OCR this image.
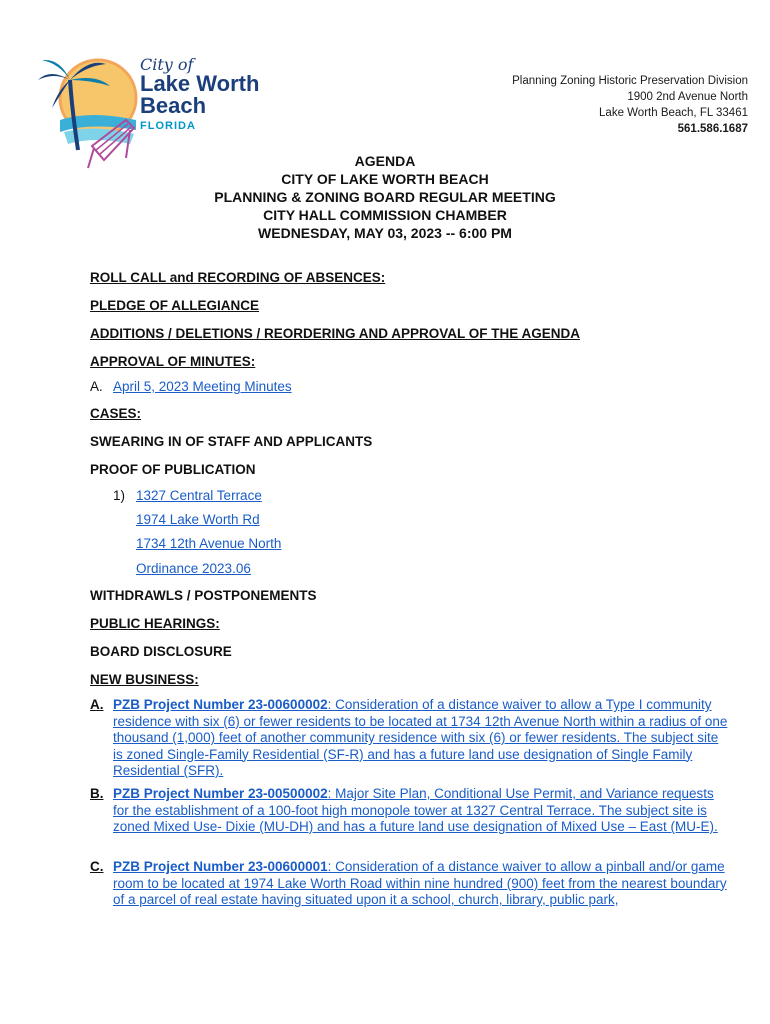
City of
Lake Worth
Beach
FLORIDA
Planning Zoning Historic Preservation Division
1900 2nd Avenue North
Lake Worth Beach, FL 33461
561.586.1687
AGENDA
CITY OF LAKE WORTH BEACH
PLANNING & ZONING BOARD REGULAR MEETING
CITY HALL COMMISSION CHAMBER
WEDNESDAY, MAY 03, 2023 -- 6:00 PM
ROLL CALL and RECORDING OF ABSENCES:
PLEDGE OF ALLEGIANCE
ADDITIONS / DELETIONS / REORDERING AND APPROVAL OF THE AGENDA
APPROVAL OF MINUTES:
A. April 5, 2023 Meeting Minutes
CASES:
SWEARING IN OF STAFF AND APPLICANTS
PROOF OF PUBLICATION
1) 1327 Central Terrace
1974 Lake Worth Rd
1734 12th Avenue North
Ordinance 2023.06
WITHDRAWLS / POSTPONEMENTS
PUBLIC HEARINGS:
BOARD DISCLOSURE
NEW BUSINESS:
A. PZB Project Number 23-00600002: Consideration of a distance waiver to allow a Type I community residence with six (6) or fewer residents to be located at 1734 12th Avenue North within a radius of one thousand (1,000) feet of another community residence with six (6) or fewer residents. The subject site is zoned Single-Family Residential (SF-R) and has a future land use designation of Single Family Residential (SFR).
B. PZB Project Number 23-00500002: Major Site Plan, Conditional Use Permit, and Variance requests for the establishment of a 100-foot high monopole tower at 1327 Central Terrace. The subject site is zoned Mixed Use- Dixie (MU-DH) and has a future land use designation of Mixed Use – East (MU-E).
C. PZB Project Number 23-00600001: Consideration of a distance waiver to allow a pinball and/or game room to be located at 1974 Lake Worth Road within nine hundred (900) feet from the nearest boundary of a parcel of real estate having situated upon it a school, church, library, public park,
